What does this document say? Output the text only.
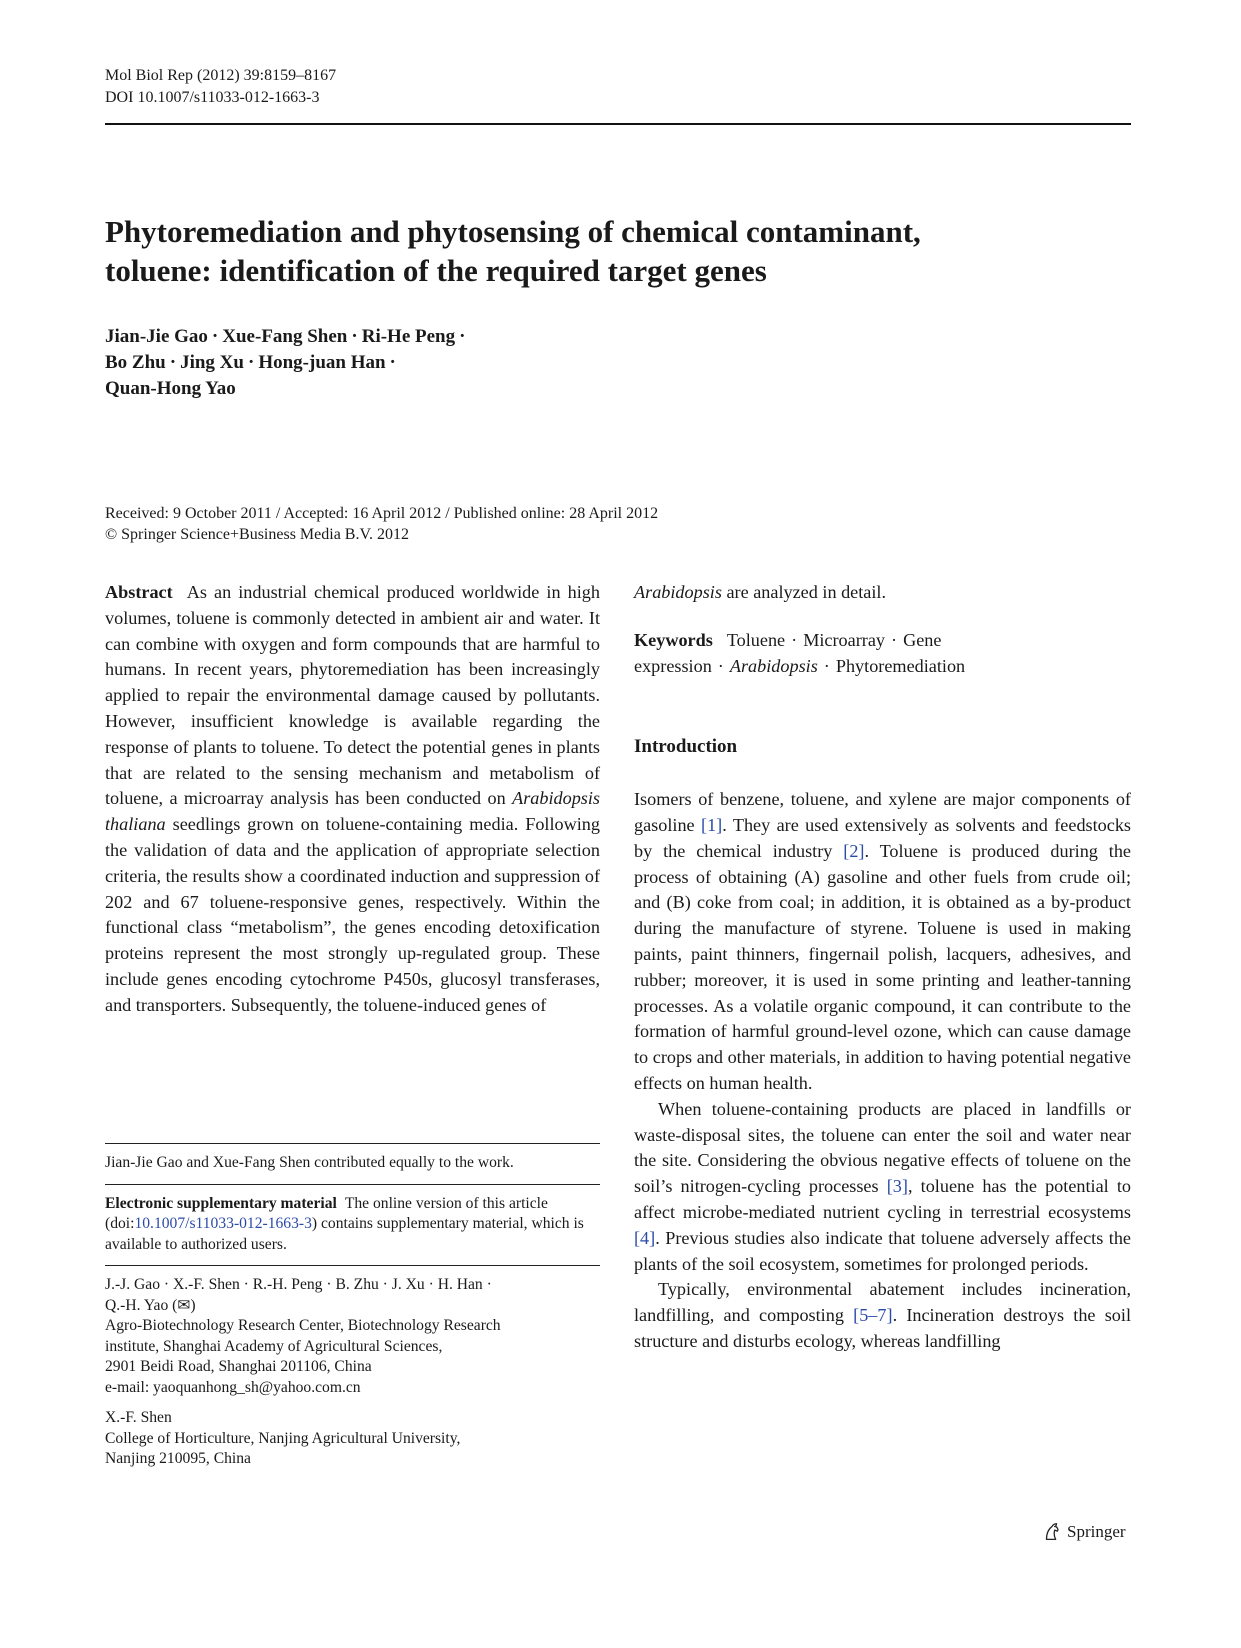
Mol Biol Rep (2012) 39:8159–8167
DOI 10.1007/s11033-012-1663-3
Phytoremediation and phytosensing of chemical contaminant,
toluene: identification of the required target genes
Jian-Jie Gao · Xue-Fang Shen · Ri-He Peng ·
Bo Zhu · Jing Xu · Hong-juan Han ·
Quan-Hong Yao
Received: 9 October 2011 / Accepted: 16 April 2012 / Published online: 28 April 2012
© Springer Science+Business Media B.V. 2012

Abstract As an industrial chemical produced worldwide in high volumes, toluene is commonly detected in ambient air and water. It can combine with oxygen and form compounds that are harmful to humans. In recent years, phytoremediation has been increasingly applied to repair the environmental damage caused by pollutants. However, insufficient knowledge is available regarding the response of plants to toluene. To detect the potential genes in plants that are related to the sensing mechanism and metabolism of toluene, a microarray analysis has been conducted on Arabidopsis thaliana seedlings grown on toluene-containing media. Following the validation of data and the application of appropriate selection criteria, the results show a coordinated induction and suppression of 202 and 67 toluene-responsive genes, respectively. Within the functional class “metabolism”, the genes encoding detoxification proteins represent the most strongly up-regulated group. These include genes encoding cytochrome P450s, glucosyl transferases, and transporters. Subsequently, the toluene-induced genes of

Arabidopsis are analyzed in detail.

Keywords Toluene · Microarray · Gene expression · Arabidopsis · Phytoremediation

Introduction

Isomers of benzene, toluene, and xylene are major components of gasoline [1]. They are used extensively as solvents and feedstocks by the chemical industry [2]. Toluene is produced during the process of obtaining (A) gasoline and other fuels from crude oil; and (B) coke from coal; in addition, it is obtained as a by-product during the manufacture of styrene. Toluene is used in making paints, paint thinners, fingernail polish, lacquers, adhesives, and rubber; moreover, it is used in some printing and leather-tanning processes. As a volatile organic compound, it can contribute to the formation of harmful ground-level ozone, which can cause damage to crops and other materials, in addition to having potential negative effects on human health.

When toluene-containing products are placed in landfills or waste-disposal sites, the toluene can enter the soil and water near the site. Considering the obvious negative effects of toluene on the soil’s nitrogen-cycling processes [3], toluene has the potential to affect microbe-mediated nutrient cycling in terrestrial ecosystems [4]. Previous studies also indicate that toluene adversely affects the plants of the soil ecosystem, sometimes for prolonged periods.

Typically, environmental abatement includes incineration, landfilling, and composting [5–7]. Incineration destroys the soil structure and disturbs ecology, whereas landfilling

Jian-Jie Gao and Xue-Fang Shen contributed equally to the work.
Electronic supplementary material The online version of this article (doi:10.1007/s11033-012-1663-3) contains supplementary material, which is available to authorized users.
J.-J. Gao · X.-F. Shen · R.-H. Peng · B. Zhu · J. Xu · H. Han ·
Q.-H. Yao (✉)
Agro-Biotechnology Research Center, Biotechnology Research
institute, Shanghai Academy of Agricultural Sciences,
2901 Beidi Road, Shanghai 201106, China
e-mail: yaoquanhong_sh@yahoo.com.cn
X.-F. Shen
College of Horticulture, Nanjing Agricultural University,
Nanjing 210095, China
Springer
